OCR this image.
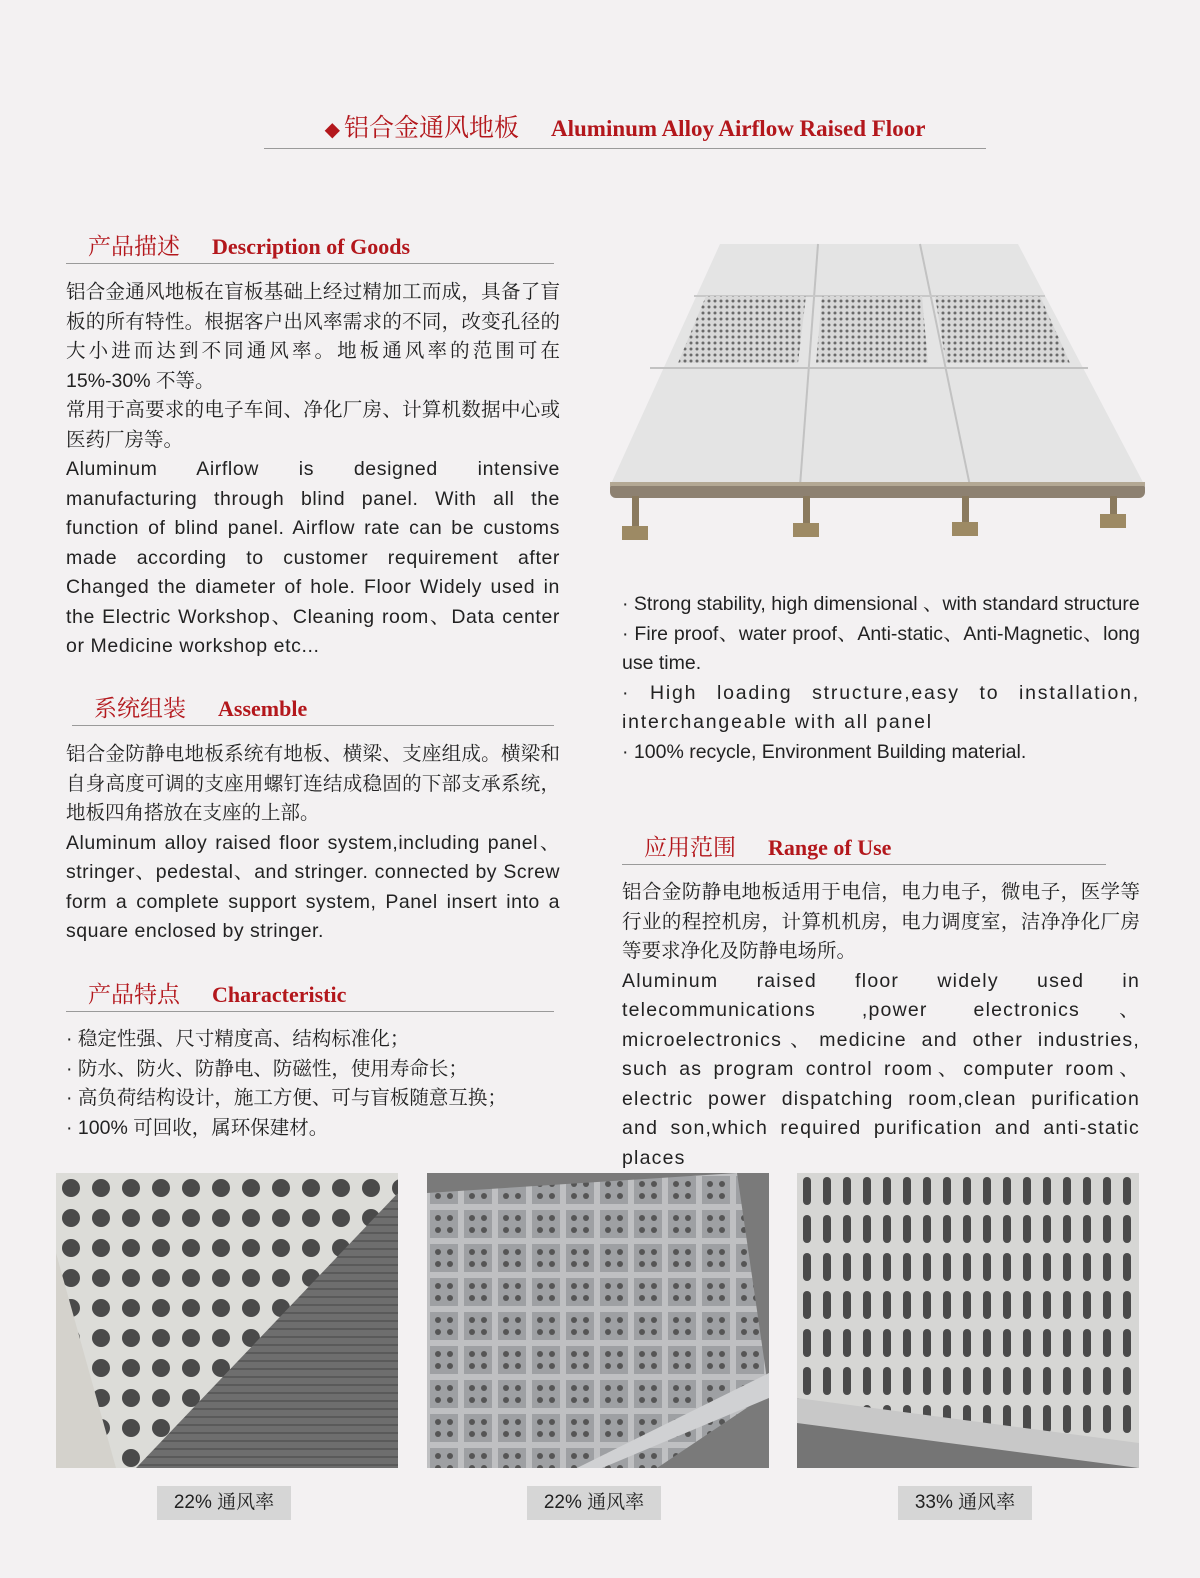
◆ 铝合金通风地板 Aluminum Alloy Airflow Raised Floor
产品描述 Description of Goods

铝合金通风地板在盲板基础上经过精加工而成，具备了盲板的所有特性。根据客户出风率需求的不同，改变孔径的大小进而达到不同通风率。地板通风率的范围可在 15%-30% 不等。

常用于高要求的电子车间、净化厂房、计算机数据中心或医药厂房等。

Aluminum Airflow is designed intensive manufacturing through blind panel. With all the function of blind panel. Airflow rate can be customs made according to customer requirement after Changed the diameter of hole. Floor Widely used in the Electric Workshop、Cleaning room、Data center or Medicine workshop etc...

系统组装 Assemble

铝合金防静电地板系统有地板、横梁、支座组成。横梁和自身高度可调的支座用螺钉连结成稳固的下部支承系统，地板四角搭放在支座的上部。

Aluminum alloy raised floor system,including panel、stringer、pedestal、and stringer. connected by Screw form a complete support system, Panel insert into a square enclosed by stringer.

产品特点 Characteristic

· 稳定性强、尺寸精度高、结构标准化；

· 防水、防火、防静电、防磁性，使用寿命长；

· 高负荷结构设计，施工方便、可与盲板随意互换；

· 100% 可回收，属环保建材。

· Strong stability, high dimensional 、with standard structure

· Fire proof、water proof、Anti-static、Anti-Magnetic、long use time.

· High loading structure,easy to installation, interchangeable with all panel

· 100% recycle, Environment Building material.

应用范围 Range of Use

铝合金防静电地板适用于电信，电力电子，微电子，医学等行业的程控机房，计算机机房，电力调度室，洁净净化厂房等要求净化及防静电场所。

Aluminum raised floor widely used in telecommunications ,power electronics、microelectronics、medicine and other industries, such as program control room、computer room、electric power dispatching room,clean purification and son,which required purification and anti-static places

22% 通风率	22% 通风率	33% 通风率
